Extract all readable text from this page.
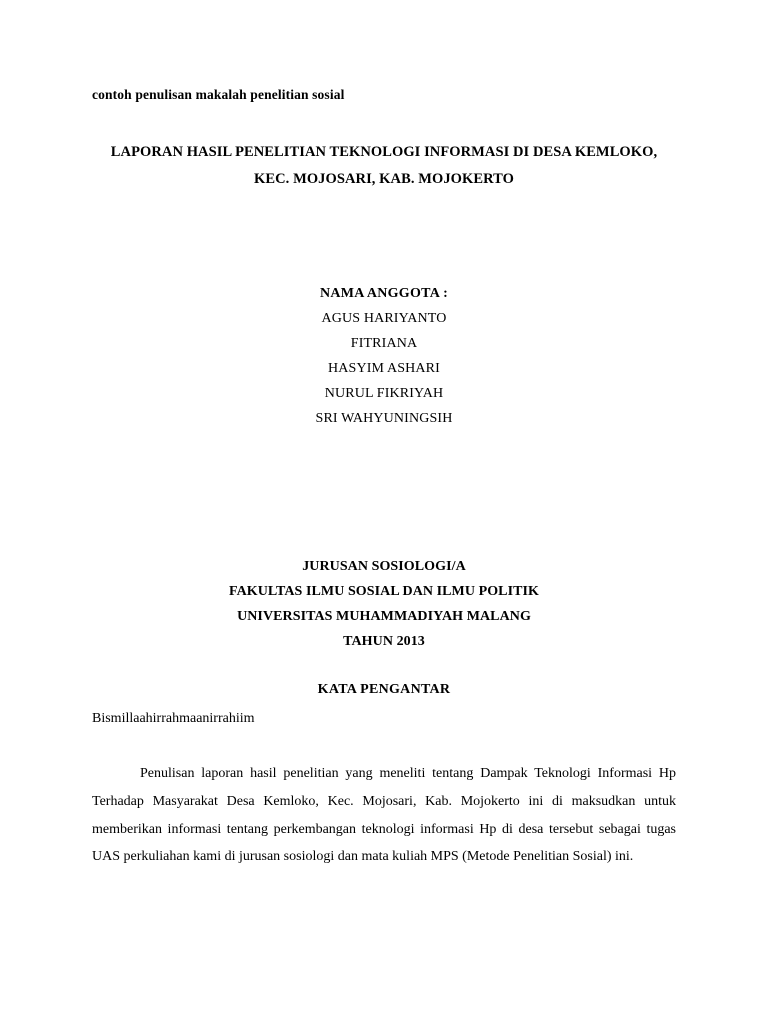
contoh penulisan makalah penelitian sosial
LAPORAN HASIL PENELITIAN TEKNOLOGI INFORMASI DI DESA KEMLOKO,
KEC. MOJOSARI, KAB. MOJOKERTO
NAMA ANGGOTA :
AGUS HARIYANTO
FITRIANA
HASYIM ASHARI
NURUL FIKRIYAH
SRI WAHYUNINGSIH
JURUSAN SOSIOLOGI/A
FAKULTAS ILMU SOSIAL DAN ILMU POLITIK
UNIVERSITAS MUHAMMADIYAH MALANG
TAHUN 2013
KATA PENGANTAR
Bismillaahirrahmaanirrahiim
Penulisan laporan hasil penelitian yang meneliti tentang Dampak Teknologi Informasi Hp Terhadap Masyarakat Desa Kemloko, Kec. Mojosari, Kab. Mojokerto ini di maksudkan untuk memberikan informasi tentang perkembangan teknologi informasi Hp di desa tersebut sebagai tugas UAS perkuliahan kami di jurusan sosiologi dan mata kuliah MPS (Metode Penelitian Sosial) ini.
